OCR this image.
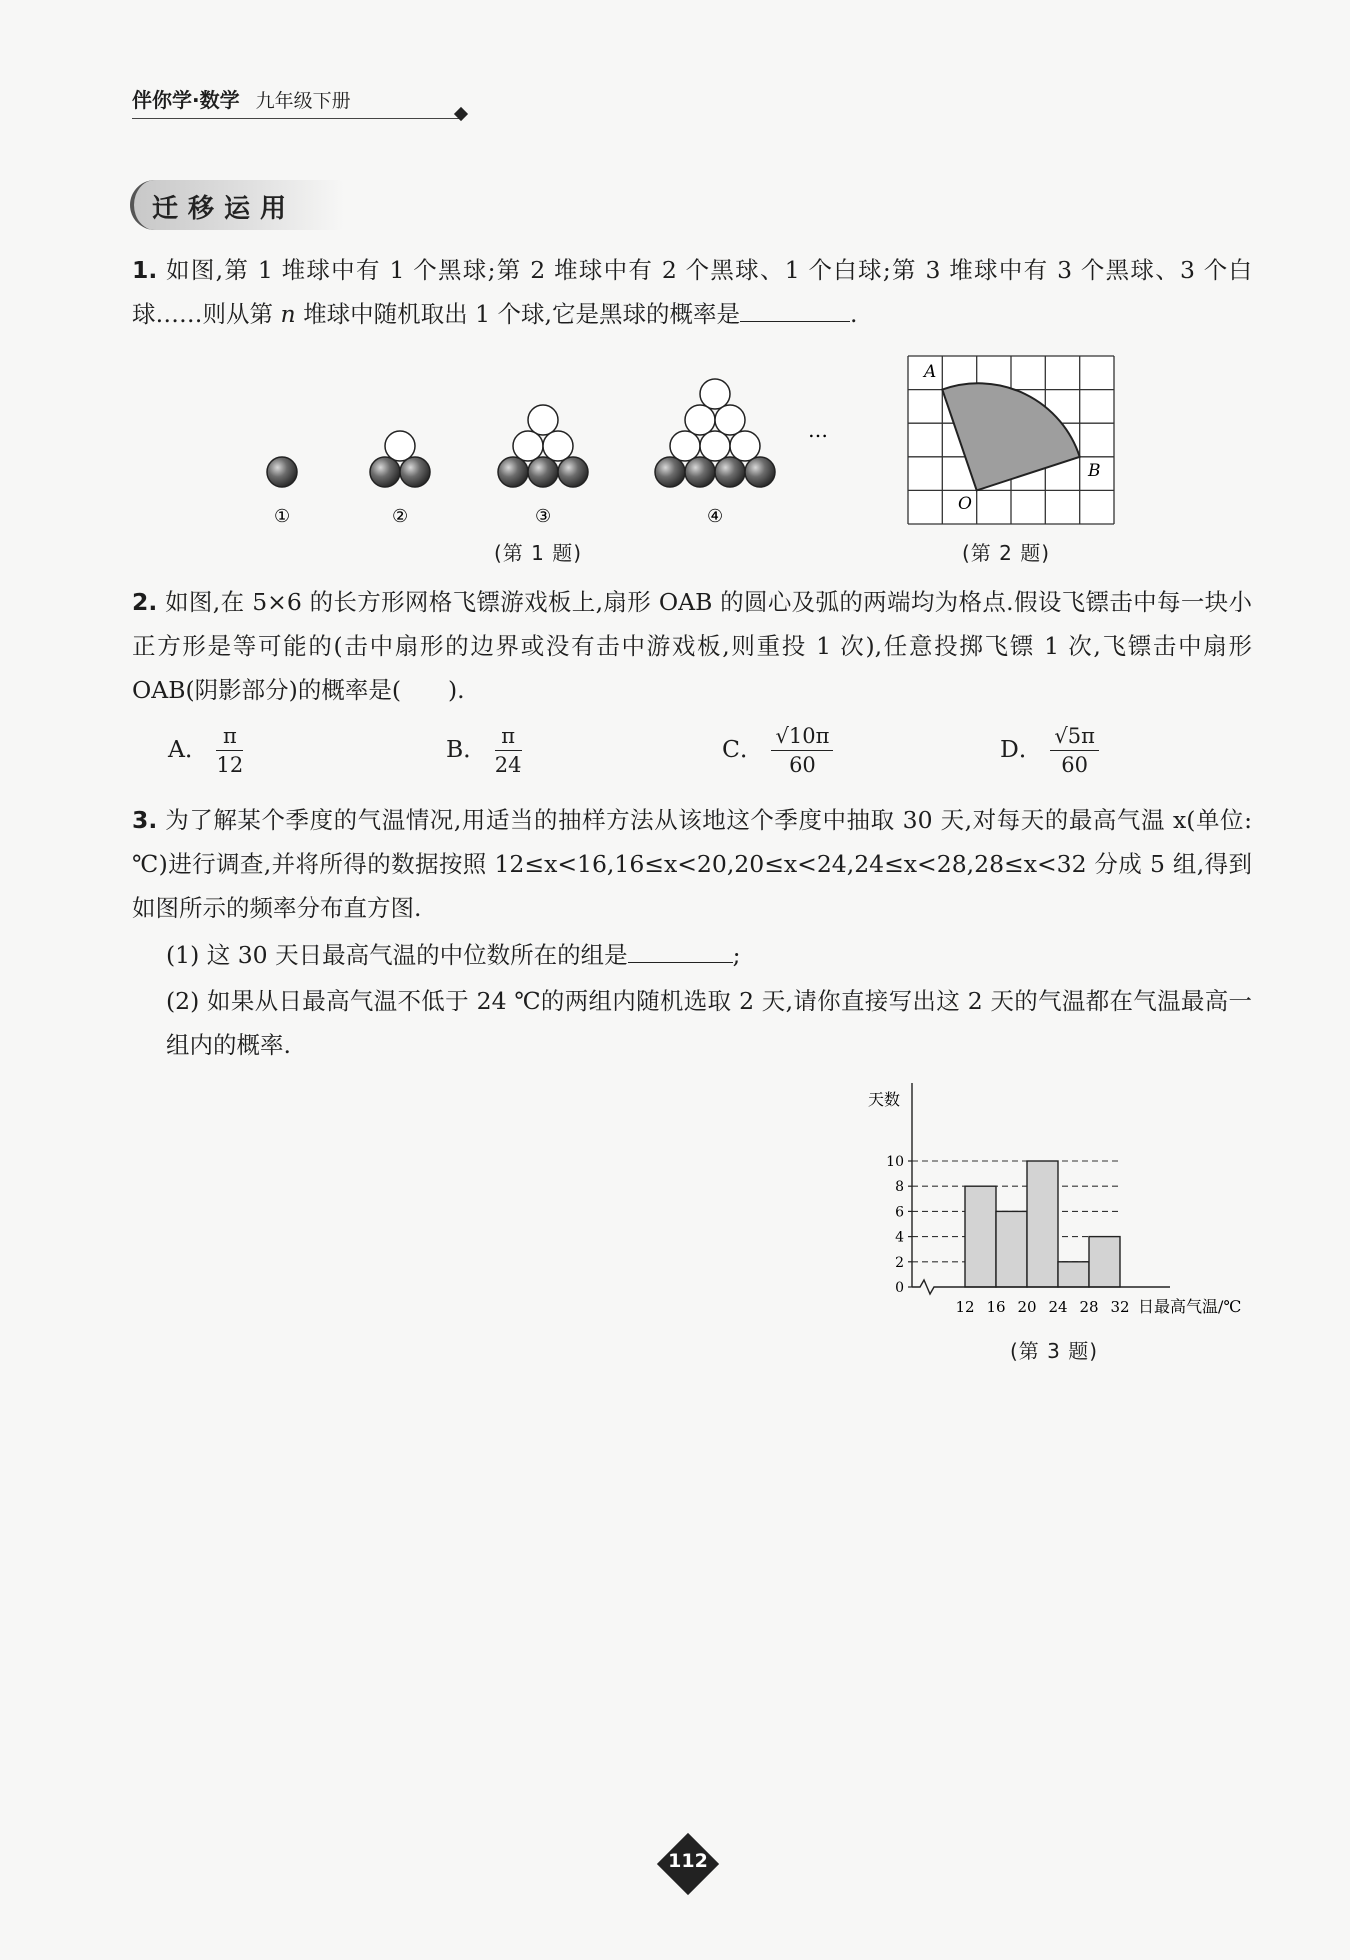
伴你学·数学 九年级下册
迁移运用
1. 如图,第 1 堆球中有 1 个黑球;第 2 堆球中有 2 个黑球、1 个白球;第 3 堆球中有 3 个黑球、3 个白球……则从第 n 堆球中随机取出 1 个球,它是黑球的概率是	.
…
①	②	③	④
(第 1 题)
A
B
O
(第 2 题)
2. 如图,在 5×6 的长方形网格飞镖游戏板上,扇形 OAB 的圆心及弧的两端均为格点.假设飞镖击中每一块小正方形是等可能的(击中扇形的边界或没有击中游戏板,则重投 1 次),任意投掷飞镖 1 次,飞镖击中扇形 OAB(阴影部分)的概率是(　　).
A． $\frac{\pi}{12}$	B． $\frac{\pi}{24}$	C． $\frac{√10\pi}{60}$	D． $\frac{√5\pi}{60}$
3. 为了解某个季度的气温情况,用适当的抽样方法从该地这个季度中抽取 30 天,对每天的最高气温 x(单位:℃)进行调查,并将所得的数据按照 12≤x<16,16≤x<20,20≤x<24,24≤x<28,28≤x<32 分成 5 组,得到如图所示的频率分布直方图.
(1) 这 30 天日最高气温的中位数所在的组是	;
(2) 如果从日最高气温不低于 24 ℃的两组内随机选取 2 天,请你直接写出这 2 天的气温都在气温最高一组内的概率.
天数
日最高气温/℃
0
2
4
6
8
10
12 16 20 24 28 32
(第 3 题)
112
